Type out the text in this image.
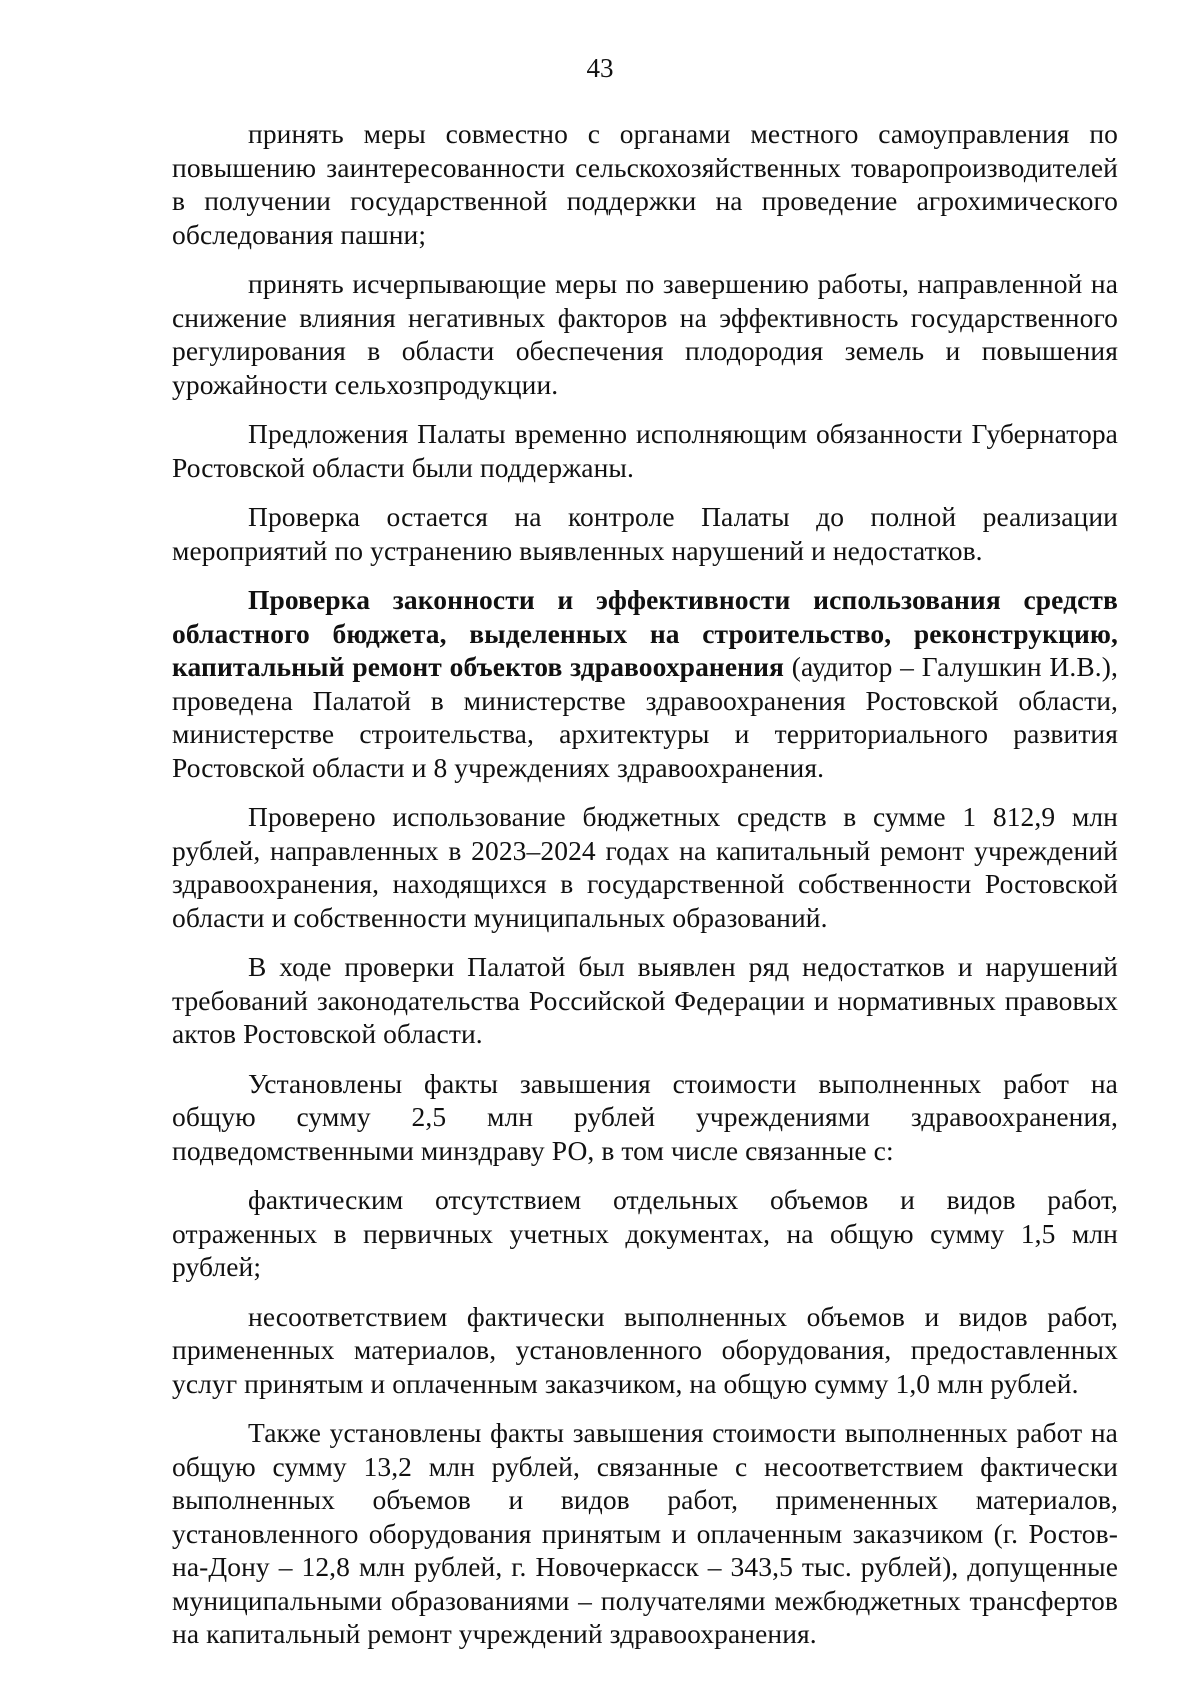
43

принять меры совместно с органами местного самоуправления по повышению заинтересованности сельскохозяйственных товаропроизводителей в получении государственной поддержки на проведение агрохимического обследования пашни;

принять исчерпывающие меры по завершению работы, направленной на снижение влияния негативных факторов на эффективность государственного регулирования в области обеспечения плодородия земель и повышения урожайности сельхозпродукции.

Предложения Палаты временно исполняющим обязанности Губернатора Ростовской области были поддержаны.

Проверка остается на контроле Палаты до полной реализации мероприятий по устранению выявленных нарушений и недостатков.

Проверка законности и эффективности использования средств областного бюджета, выделенных на строительство, реконструкцию, капитальный ремонт объектов здравоохранения (аудитор – Галушкин И.В.), проведена Палатой в министерстве здравоохранения Ростовской области, министерстве строительства, архитектуры и территориального развития Ростовской области и 8 учреждениях здравоохранения.

Проверено использование бюджетных средств в сумме 1 812,9 млн рублей, направленных в 2023–2024 годах на капитальный ремонт учреждений здравоохранения, находящихся в государственной собственности Ростовской области и собственности муниципальных образований.

В ходе проверки Палатой был выявлен ряд недостатков и нарушений требований законодательства Российской Федерации и нормативных правовых актов Ростовской области.

Установлены факты завышения стоимости выполненных работ на общую сумму 2,5 млн рублей учреждениями здравоохранения, подведомственными минздраву РО, в том числе связанные с:

фактическим отсутствием отдельных объемов и видов работ, отраженных в первичных учетных документах, на общую сумму 1,5 млн рублей;

несоответствием фактически выполненных объемов и видов работ, примененных материалов, установленного оборудования, предоставленных услуг принятым и оплаченным заказчиком, на общую сумму 1,0 млн рублей.

Также установлены факты завышения стоимости выполненных работ на общую сумму 13,2 млн рублей, связанные с несоответствием фактически выполненных объемов и видов работ, примененных материалов, установленного оборудования принятым и оплаченным заказчиком (г. Ростов-на-Дону – 12,8 млн рублей, г. Новочеркасск – 343,5 тыс. рублей), допущенные муниципальными образованиями – получателями межбюджетных трансфертов на капитальный ремонт учреждений здравоохранения.
